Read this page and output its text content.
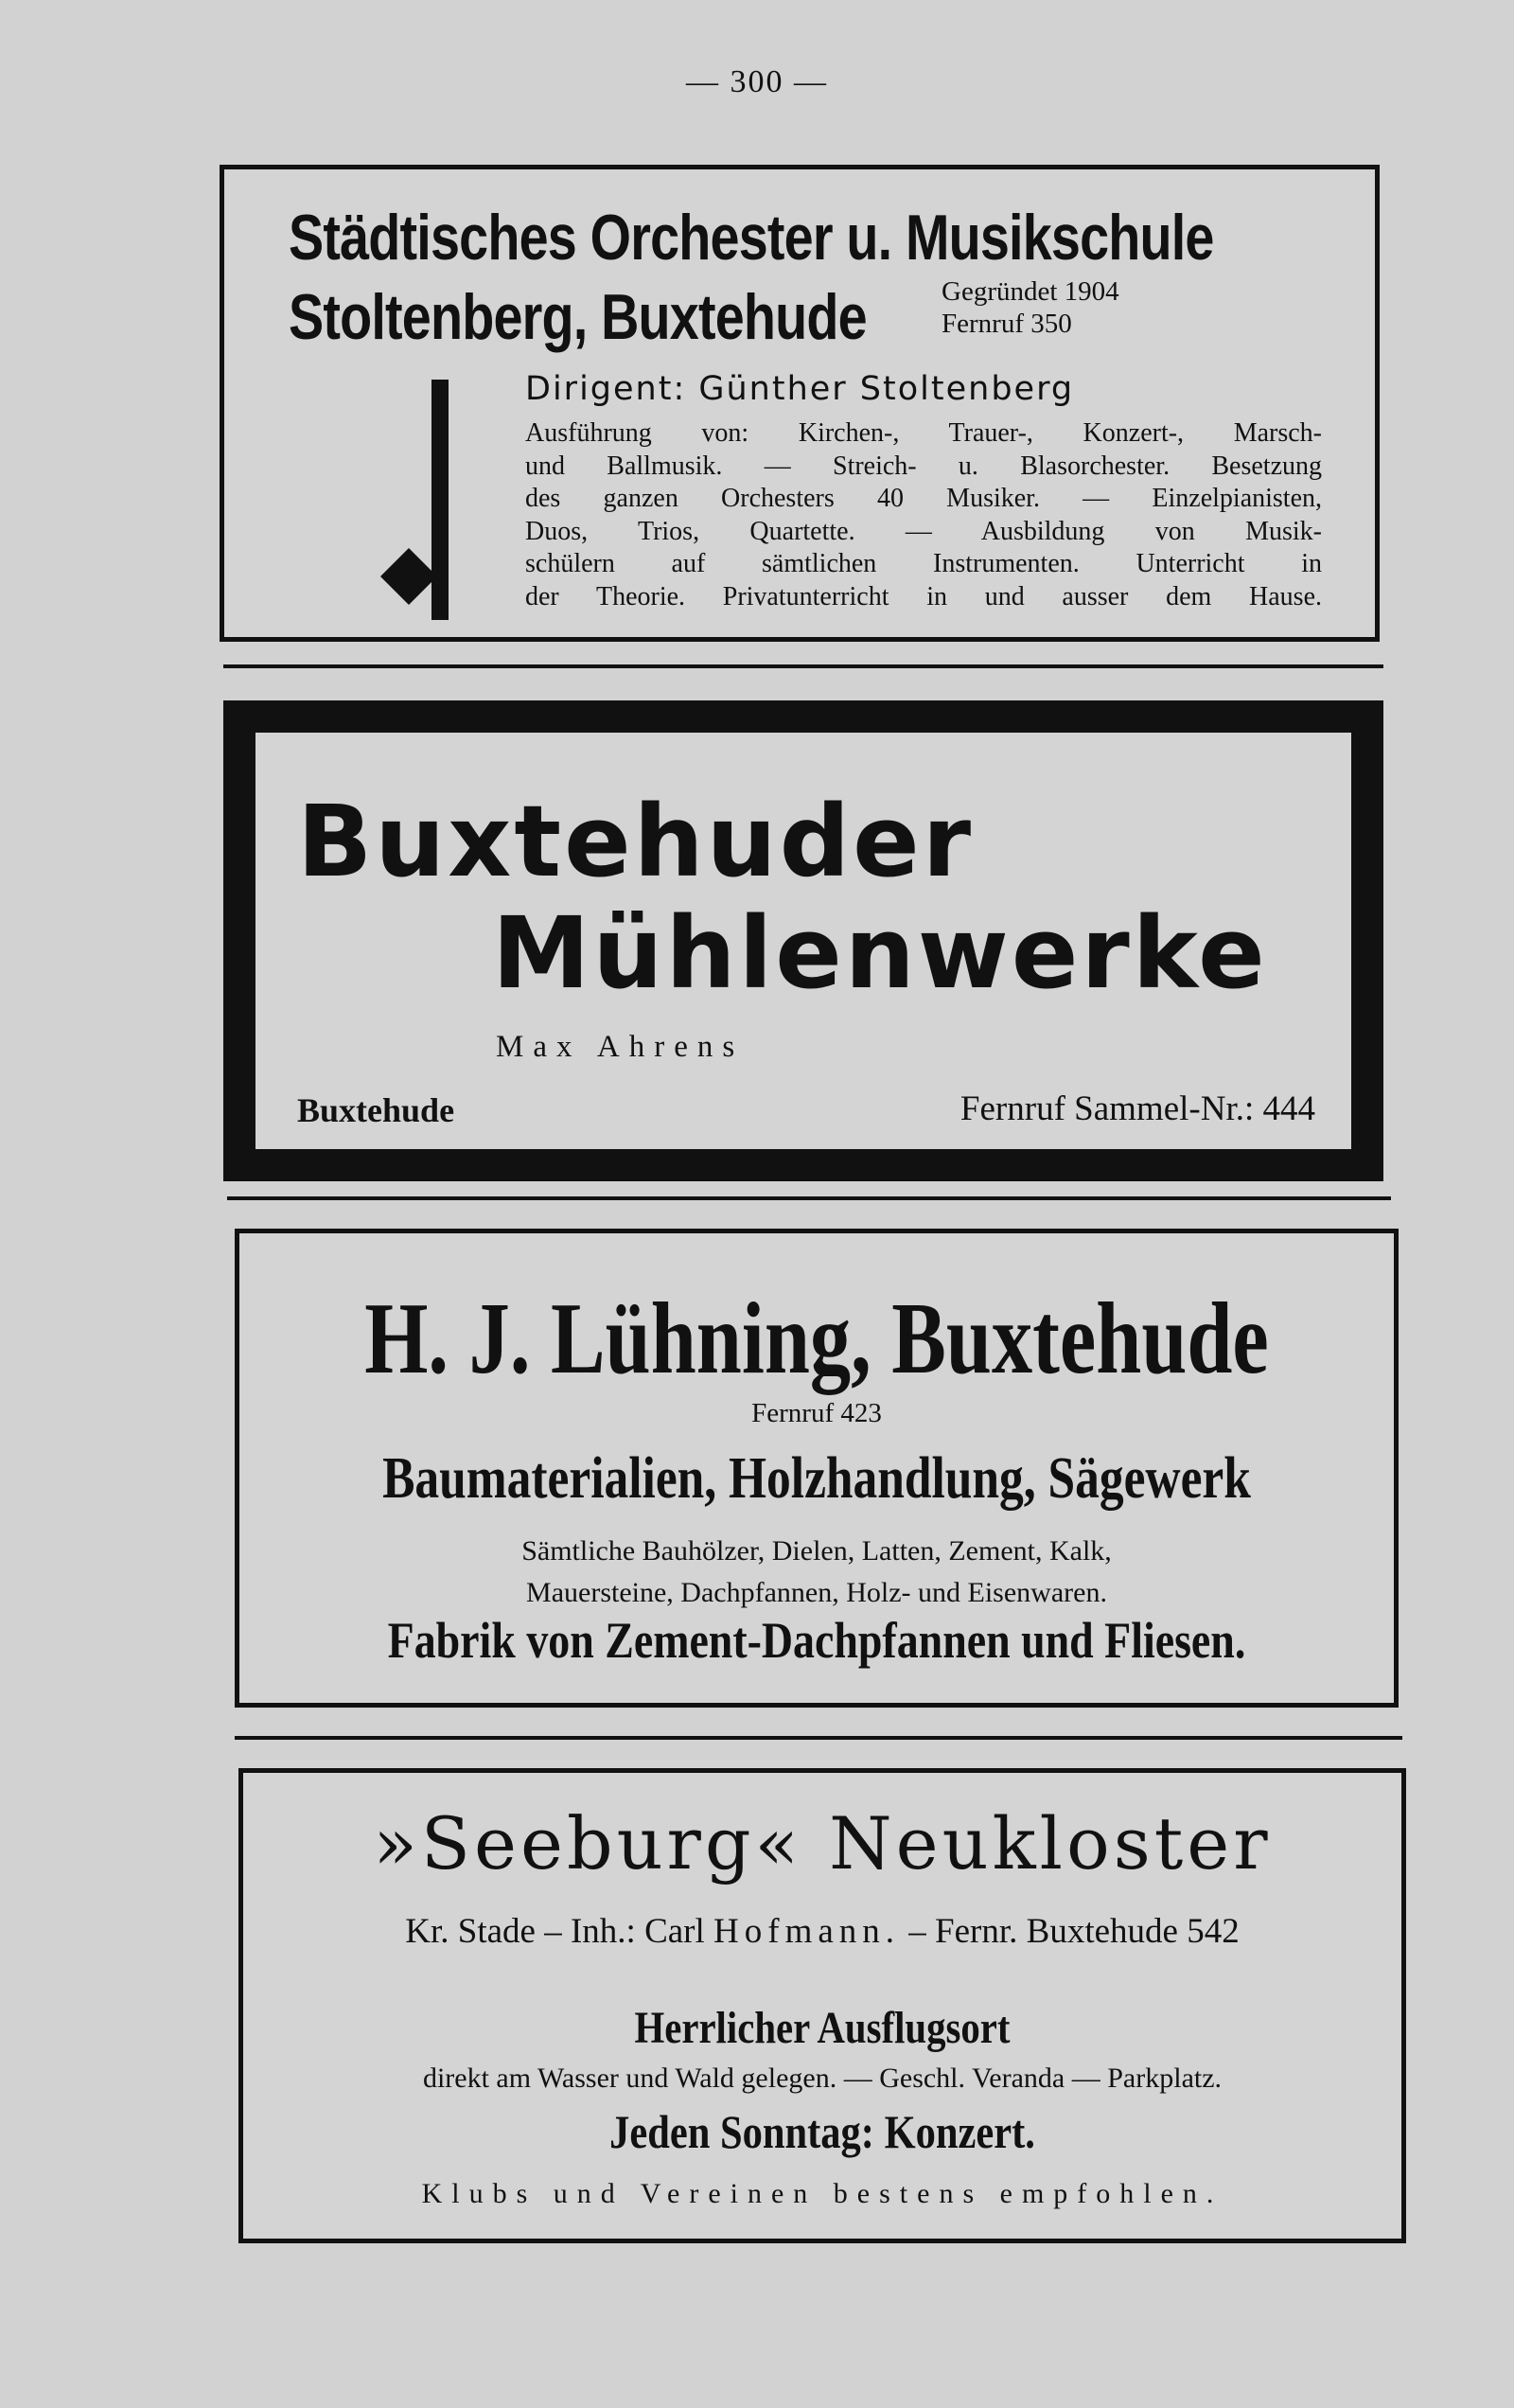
— 300 —
Städtisches Orchester u. Musikschule
Stoltenberg, Buxtehude	Gegründet 1904
Fernruf 350
Dirigent: Günther Stoltenberg
Ausführung von: Kirchen-, Trauer-, Konzert-, Marsch-
und Ballmusik. — Streich- u. Blasorchester. Besetzung
des ganzen Orchesters 40 Musiker. — Einzelpianisten,
Duos, Trios, Quartette. — Ausbildung von Musik-
schülern auf sämtlichen Instrumenten. Unterricht in
der Theorie. Privatunterricht in und ausser dem Hause.
Buxtehuder
Mühlenwerke
Max Ahrens
Buxtehude	Fernruf Sammel-Nr.: 444
H. J. Lühning, Buxtehude
Fernruf 423
Baumaterialien, Holzhandlung, Sägewerk
Sämtliche Bauhölzer, Dielen, Latten, Zement, Kalk,
Mauersteine, Dachpfannen, Holz- und Eisenwaren.
Fabrik von Zement-Dachpfannen und Fliesen.
»Seeburg« Neukloster
Kr. Stade – Inh.: Carl Hofmann. – Fernr. Buxtehude 542
Herrlicher Ausflugsort
direkt am Wasser und Wald gelegen. — Geschl. Veranda — Parkplatz.
Jeden Sonntag: Konzert.
Klubs und Vereinen bestens empfohlen.
